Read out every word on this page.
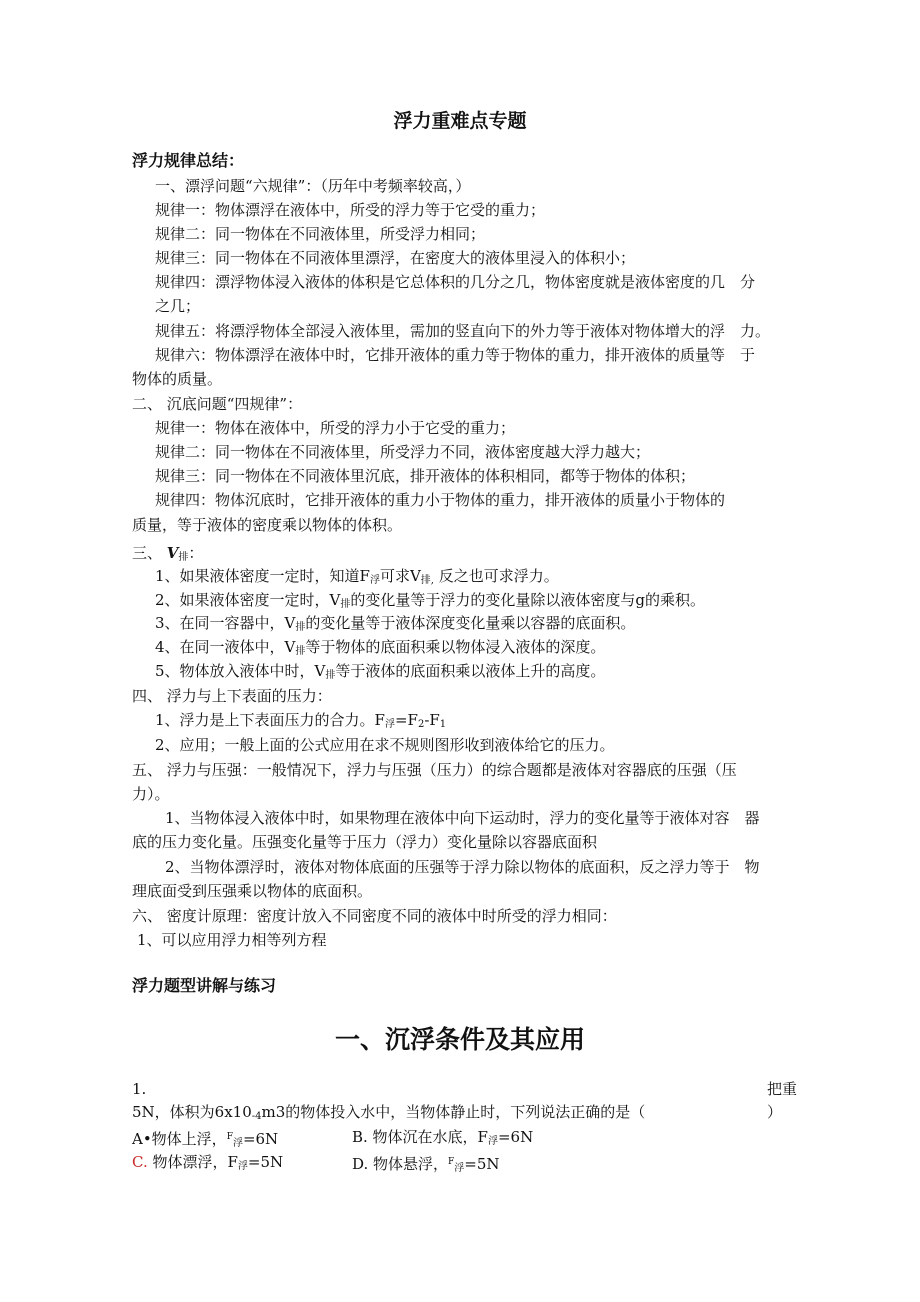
浮力重难点专题
浮力规律总结：
一、漂浮问题“六规律”：（历年中考频率较高，）
规律一：物体漂浮在液体中，所受的浮力等于它受的重力；
规律二：同一物体在不同液体里，所受浮力相同；
规律三：同一物体在不同液体里漂浮，在密度大的液体里浸入的体积小；
规律四：漂浮物体浸入液体的体积是它总体积的几分之几，物体密度就是液体密度的几　分
之几；
规律五：将漂浮物体全部浸入液体里，需加的竖直向下的外力等于液体对物体增大的浮　力。
规律六：物体漂浮在液体中时，它排开液体的重力等于物体的重力，排开液体的质量等　于
物体的质量。
二、 沉底问题“四规律”：
规律一：物体在液体中，所受的浮力小于它受的重力；
规律二：同一物体在不同液体里，所受浮力不同，液体密度越大浮力越大；
规律三：同一物体在不同液体里沉底，排开液体的体积相同，都等于物体的体积；
规律四：物体沉底时，它排开液体的重力小于物体的重力，排开液体的质量小于物体的
质量，等于液体的密度乘以物体的体积。
三、 $V_排$：
1、如果液体密度一定时，知道$F_浮$可求$V_{排,}$ 反之也可求浮力。
2、如果液体密度一定时，$V_排$的变化量等于浮力的变化量除以液体密度与g的乘积。
3、在同一容器中，$V_排$的变化量等于液体深度变化量乘以容器的底面积。
4、在同一液体中，$V_排$等于物体的底面积乘以物体浸入液体的深度。
5、物体放入液体中时，$V_排$等于液体的底面积乘以液体上升的高度。
四、 浮力与上下表面的压力：
1、浮力是上下表面压力的合力。$F_浮=F_2-F_1$
2、应用；一般上面的公式应用在求不规则图形收到液体给它的压力。
五、 浮力与压强：一般情况下，浮力与压强（压力）的综合题都是液体对容器底的压强（压
力）。
1、当物体浸入液体中时，如果物理在液体中向下运动时，浮力的变化量等于液体对容　器
底的压力变化量。压强变化量等于压力（浮力）变化量除以容器底面积
2、当物体漂浮时，液体对物体底面的压强等于浮力除以物体的底面积，反之浮力等于　物
理底面受到压强乘以物体的底面积。
六、 密度计原理：密度计放入不同密度不同的液体中时所受的浮力相同：
1、可以应用浮力相等列方程
浮力题型讲解与练习
一、沉浮条件及其应用
1.	把重
5N，体积为$6x10_{-4}m3$的物体投入水中，当物体静止时，下列说法正确的是（	）
A•物体上浮，$^F_浮$=6N	B. 物体沉在水底，$F_浮=6N$
C. 物体漂浮，$F_浮=5N$	D. 物体悬浮，$^F_浮$=5N
